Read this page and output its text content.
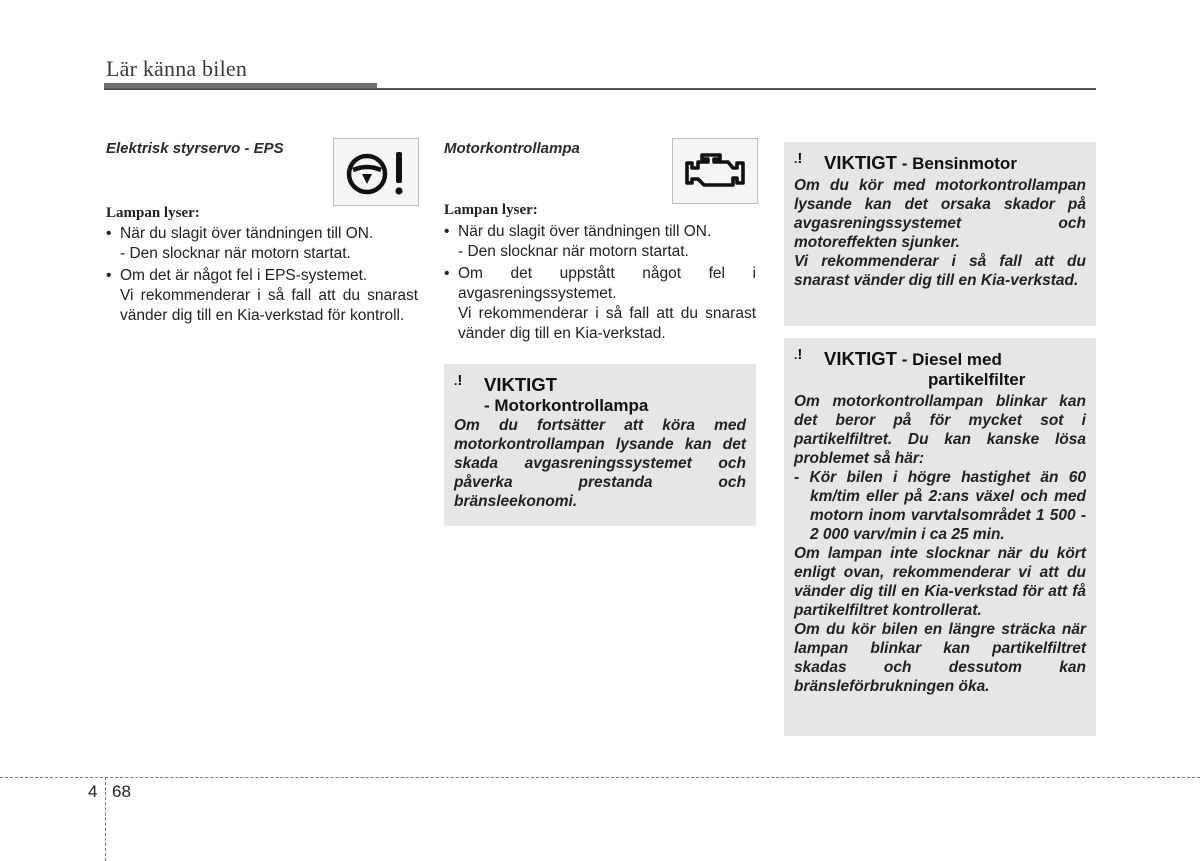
Lär känna bilen
Elektrisk styrservo - EPS
Lampan lyser:
• När du slagit över tändningen till ON.
- Den slocknar när motorn startat.
• Om det är något fel i EPS-systemet.
Vi rekommenderar i så fall att du snarast vänder dig till en Kia-verkstad för kontroll.
Motorkontrollampa
Lampan lyser:
• När du slagit över tändningen till ON.
- Den slocknar när motorn startat.
• Om det uppstått något fel i avgasreningssystemet.
Vi rekommenderar i så fall att du snarast vänder dig till en Kia-verkstad.
.!	VIKTIGT
- Motorkontrollampa

Om du fortsätter att köra med motorkontrollampan lysande kan det skada avgasreningssystemet och påverka prestanda och bränsleekonomi.

.!	VIKTIGT - Bensinmotor

Om du kör med motorkontrollampan lysande kan det orsaka skador på avgasreningssystemet och motoreffekten sjunker.

Vi rekommenderar i så fall att du snarast vänder dig till en Kia-verkstad.

.!	VIKTIGT - Diesel med
partikelfilter

Om motorkontrollampan blinkar kan det beror på för mycket sot i partikelfiltret. Du kan kanske lösa problemet så här:

- Kör bilen i högre hastighet än 60 km/tim eller på 2:ans växel och med motorn inom varvtalsområdet 1 500 - 2 000 varv/min i ca 25 min.

Om lampan inte slocknar när du kört enligt ovan, rekommenderar vi att du vänder dig till en Kia-verkstad för att få partikelfiltret kontrollerat.

Om du kör bilen en längre sträcka när lampan blinkar kan partikelfiltret skadas och dessutom kan bränsleförbrukningen öka.

4 68
